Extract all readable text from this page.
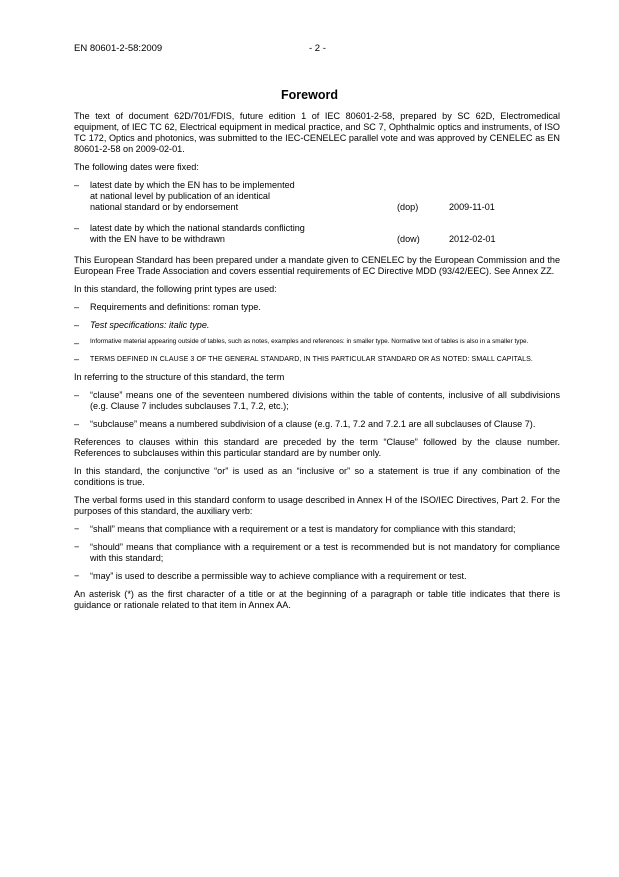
EN 80601-2-58:2009	- 2 -
Foreword

The text of document 62D/701/FDIS, future edition 1 of IEC 80601-2-58, prepared by SC 62D, Electromedical equipment, of IEC TC 62, Electrical equipment in medical practice, and SC 7, Ophthalmic optics and instruments, of ISO TC 172, Optics and photonics, was submitted to the IEC-CENELEC parallel vote and was approved by CENELEC as EN 80601-2-58 on 2009-02-01.

The following dates were fixed:

– latest date by which the EN has to be implemented
at national level by publication of an identical
national standard or by endorsement	(dop)	2009-11-01
– latest date by which the national standards conflicting
with the EN have to be withdrawn	(dow)	2012-02-01

This European Standard has been prepared under a mandate given to CENELEC by the European Commission and the European Free Trade Association and covers essential requirements of EC Directive MDD (93/42/EEC). See Annex ZZ.

In this standard, the following print types are used:

– Requirements and definitions: roman type.
– Test specifications: italic type.
– Informative material appearing outside of tables, such as notes, examples and references: in smaller type. Normative text of tables is also in a smaller type.
– TERMS DEFINED IN CLAUSE 3 OF THE GENERAL STANDARD, IN THIS PARTICULAR STANDARD OR AS NOTED: SMALL CAPITALS.

In referring to the structure of this standard, the term

– “clause” means one of the seventeen numbered divisions within the table of contents, inclusive of all subdivisions (e.g. Clause 7 includes subclauses 7.1, 7.2, etc.);
– “subclause” means a numbered subdivision of a clause (e.g. 7.1, 7.2 and 7.2.1 are all subclauses of Clause 7).

References to clauses within this standard are preceded by the term “Clause” followed by the clause number. References to subclauses within this particular standard are by number only.

In this standard, the conjunctive “or” is used as an “inclusive or” so a statement is true if any combination of the conditions is true.

The verbal forms used in this standard conform to usage described in Annex H of the ISO/IEC Directives, Part 2. For the purposes of this standard, the auxiliary verb:

− “shall” means that compliance with a requirement or a test is mandatory for compliance with this standard;
− “should” means that compliance with a requirement or a test is recommended but is not mandatory for compliance with this standard;
− “may” is used to describe a permissible way to achieve compliance with a requirement or test.

An asterisk (*) as the first character of a title or at the beginning of a paragraph or table title indicates that there is guidance or rationale related to that item in Annex AA.
